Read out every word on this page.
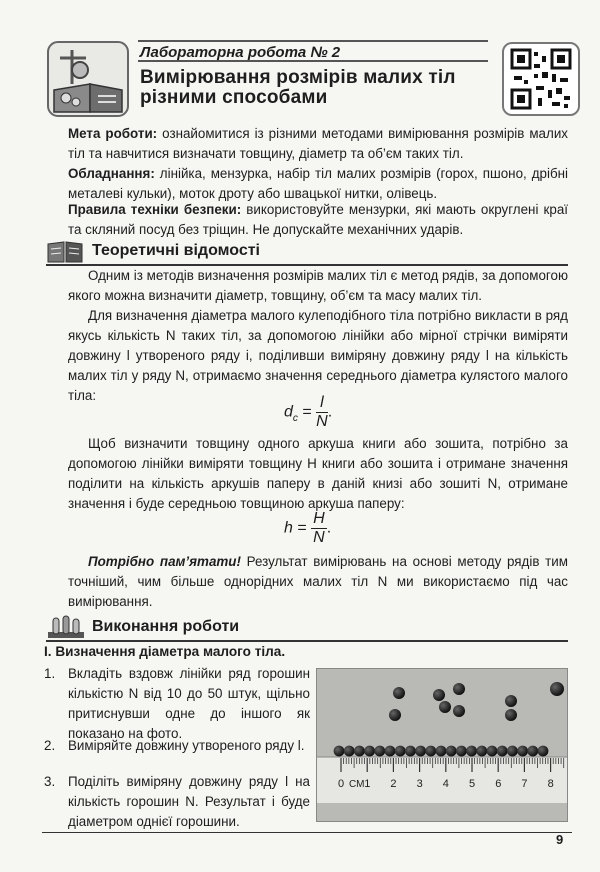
Лабораторна робота № 2
Вимірювання розмірів малих тіл
різними способами
Мета роботи: ознайомитися із різними методами вимірювання розмірів малих тіл та навчитися визначати товщину, діаметр та об’єм таких тіл.
Обладнання: лінійка, мензурка, набір тіл малих розмірів (горох, пшоно, дрібні металеві кульки), моток дроту або швацької нитки, олівець.
Правила техніки безпеки: використовуйте мензурки, які мають округлені краї та скляний посуд без тріщин. Не допускайте механічних ударів.
Теоретичні відомості
Одним із методів визначення розмірів малих тіл є метод рядів, за допомогою якого можна визначити діаметр, товщину, об’єм та масу малих тіл.
Для визначення діаметра малого кулеподібного тіла потрібно викласти в ряд якусь кількість N таких тіл, за допомогою лінійки або мірної стрічки виміряти довжину l утвореного ряду і, поділивши виміряну довжину ряду l на кількість малих тіл у ряду N, отримаємо значення середнього діаметра кулястого малого тіла:
$d_c = \frac{l}{N}$ .
Щоб визначити товщину одного аркуша книги або зошита, потрібно за допомогою лінійки виміряти товщину H книги або зошита і отримане значення поділити на кількість аркушів паперу в даній книзі або зошиті N, отримане значення і буде середньою товщиною аркуша паперу:
$h = \frac{H}{N}$ .
Потрібно пам’ятати! Результат вимірювань на основі методу рядів тим точніший, чим більше однорідних малих тіл N ми використаємо під час вимірювання.
Виконання роботи
І. Визначення діаметра малого тіла.
1. Вкладіть вздовж лінійки ряд горошин кількістю N від 10 до 50 штук, щільно притиснувши одне до іншого як показано на фото.
2. Виміряйте довжину утвореного ряду l.
3. Поділіть виміряну довжину ряду l на кількість горошин N. Результат і буде діаметром однієї горошини.
0 1 2 3 4 5 6 7 8
СМ
9
